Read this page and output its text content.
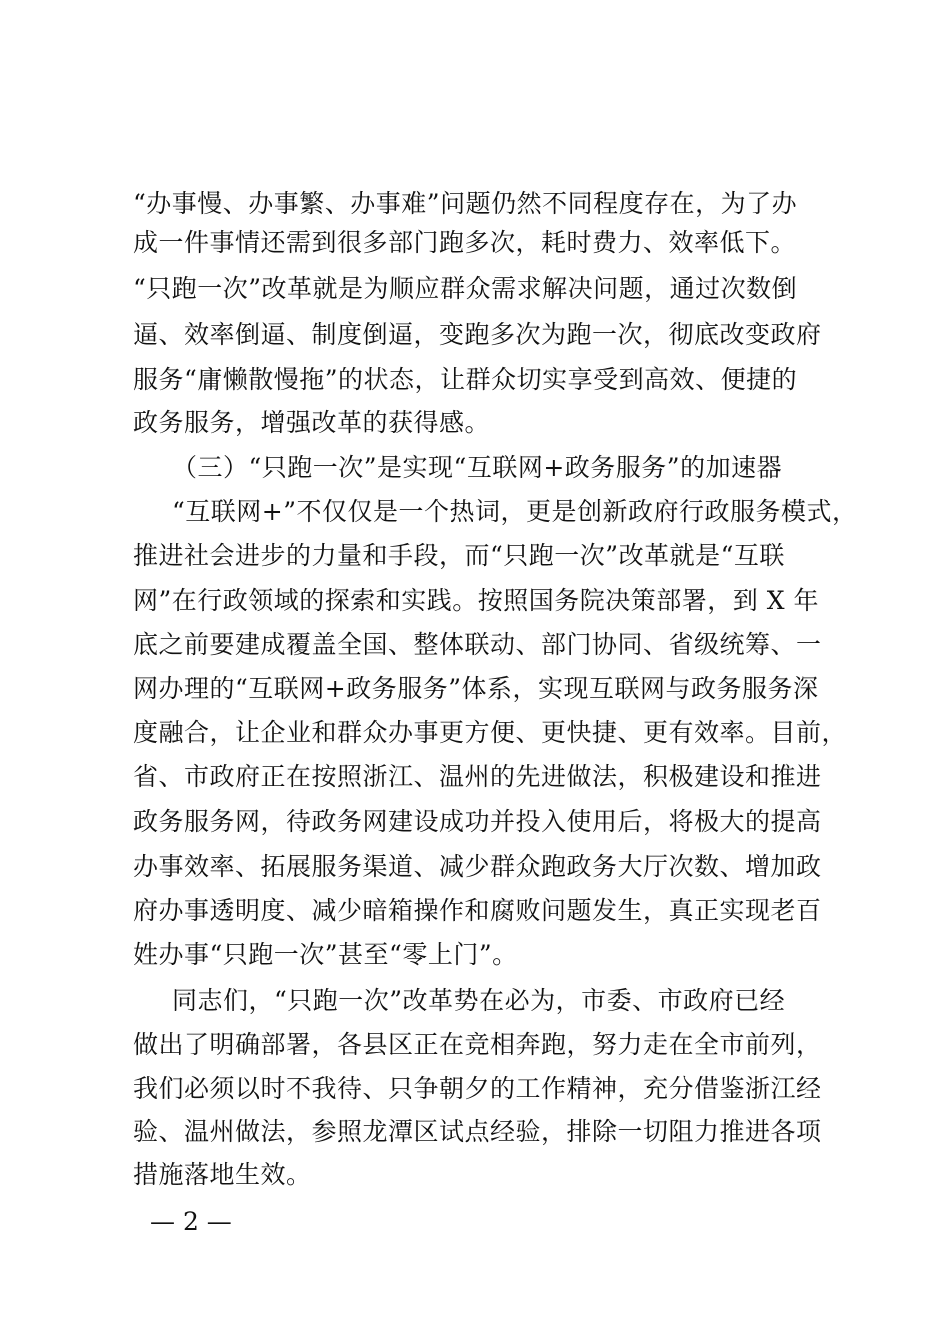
“办事慢、办事繁、办事难”问题仍然不同程度存在，为了办
成一件事情还需到很多部门跑多次，耗时费力、效率低下。
“只跑一次”改革就是为顺应群众需求解决问题，通过次数倒
逼、效率倒逼、制度倒逼，变跑多次为跑一次，彻底改变政府
服务“庸懒散慢拖”的状态，让群众切实享受到高效、便捷的
政务服务，增强改革的获得感。
（三）“只跑一次”是实现“互联网+政务服务”的加速器
“互联网+”不仅仅是一个热词，更是创新政府行政服务模式，
推进社会进步的力量和手段，而“只跑一次”改革就是“互联
网”在行政领域的探索和实践。按照国务院决策部署，到 X 年
底之前要建成覆盖全国、整体联动、部门协同、省级统筹、一
网办理的“互联网+政务服务”体系，实现互联网与政务服务深
度融合，让企业和群众办事更方便、更快捷、更有效率。目前，
省、市政府正在按照浙江、温州的先进做法，积极建设和推进
政务服务网，待政务网建设成功并投入使用后，将极大的提高
办事效率、拓展服务渠道、减少群众跑政务大厅次数、增加政
府办事透明度、减少暗箱操作和腐败问题发生，真正实现老百
姓办事“只跑一次”甚至“零上门”。
同志们，“只跑一次”改革势在必为，市委、市政府已经
做出了明确部署，各县区正在竞相奔跑，努力走在全市前列，
我们必须以时不我待、只争朝夕的工作精神，充分借鉴浙江经
验、温州做法，参照龙潭区试点经验，排除一切阻力推进各项
措施落地生效。
— 2 —
